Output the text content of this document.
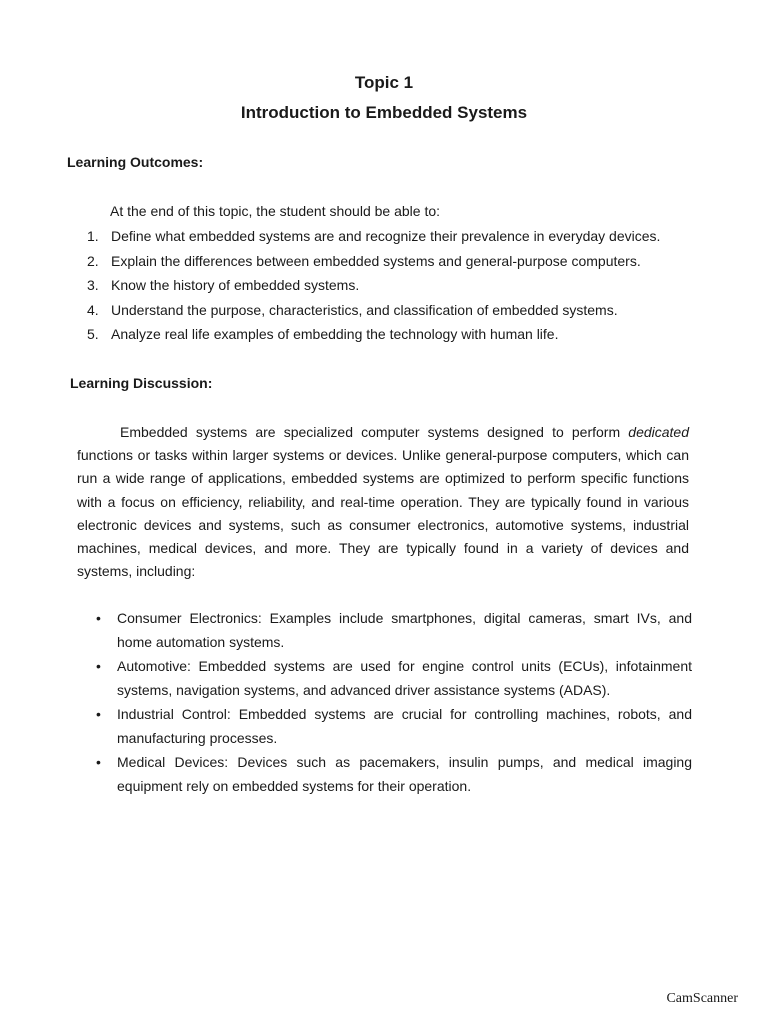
Topic 1
Introduction to Embedded Systems
Learning Outcomes:
At the end of this topic, the student should be able to:
1. Define what embedded systems are and recognize their prevalence in everyday devices.
2. Explain the differences between embedded systems and general-purpose computers.
3. Know the history of embedded systems.
4. Understand the purpose, characteristics, and classification of embedded systems.
5. Analyze real life examples of embedding the technology with human life.
Learning Discussion:

Embedded systems are specialized computer systems designed to perform dedicated functions or tasks within larger systems or devices. Unlike general-purpose computers, which can run a wide range of applications, embedded systems are optimized to perform specific functions with a focus on efficiency, reliability, and real-time operation. They are typically found in various electronic devices and systems, such as consumer electronics, automotive systems, industrial machines, medical devices, and more. They are typically found in a variety of devices and systems, including:

•	Consumer Electronics: Examples include smartphones, digital cameras, smart IVs, and home automation systems.
•	Automotive: Embedded systems are used for engine control units (ECUs), infotainment systems, navigation systems, and advanced driver assistance systems (ADAS).
•	Industrial Control: Embedded systems are crucial for controlling machines, robots, and manufacturing processes.
•	Medical Devices: Devices such as pacemakers, insulin pumps, and medical imaging equipment rely on embedded systems for their operation.
CamScanner
